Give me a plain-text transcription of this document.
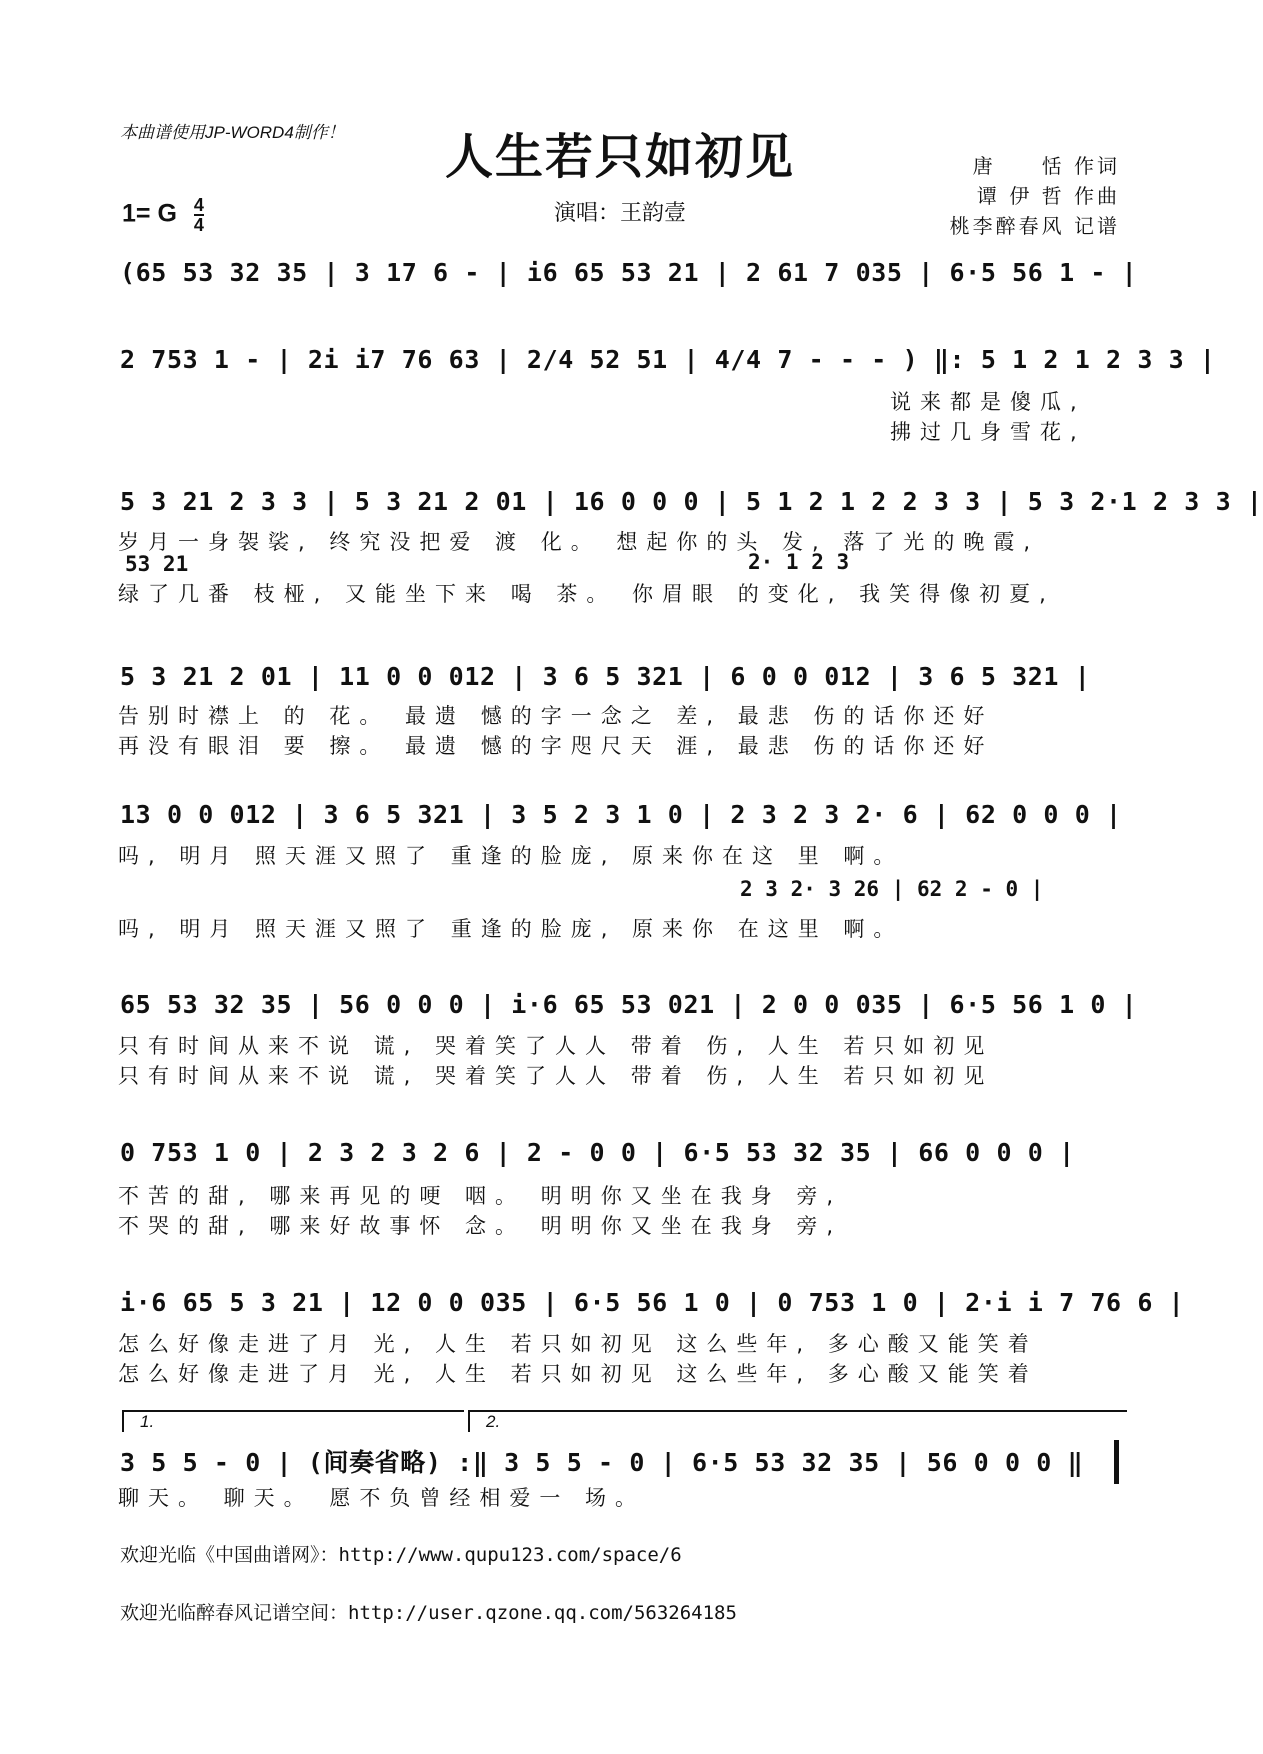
本曲谱使用JP-WORD4制作！	人生若只如初见
1= G $\frac{4}{4}$	演唱：王韵壹
唐　　恬 作词
谭 伊 哲 作曲
桃李醉春风 记谱
(65 53 32 35 | 3 17 6 - | i6 65 53 21 | 2 61 7 035 | 6·5 56 1 - |
2 753 1 - | 2i i7 76 63 | 2/4 52 51 | 4/4 7 - - - ) ‖: 5 1 2 1 2 3 3 |
说来都是傻瓜,
拂过几身雪花,
5 3 21 2 3 3 | 5 3 21 2 01 | 16 0 0 0 | 5 1 2 1 2 2 3 3 | 5 3 2·1 2 3 3 |
岁月一身袈裟, 终究没把爱 渡 化。 想起你的头 发, 落了光的晚霞,
53 21	2· 1 2 3
绿了几番 枝桠, 又能坐下来 喝 茶。 你眉眼 的变化, 我笑得像初夏,
5 3 21 2 01 | 11 0 0 012 | 3 6 5 321 | 6 0 0 012 | 3 6 5 321 |
告别时襟上 的 花。 最遗 憾的字一念之 差, 最悲 伤的话你还好
再没有眼泪 要 擦。 最遗 憾的字咫尺天 涯, 最悲 伤的话你还好
13 0 0 012 | 3 6 5 321 | 3 5 2 3 1 0 | 2 3 2 3 2· 6 | 62 0 0 0 |
吗, 明月 照天涯又照了 重逢的脸庞, 原来你在这 里 啊。
2 3 2· 3 26 | 62 2 - 0 |
吗, 明月 照天涯又照了 重逢的脸庞, 原来你 在这里 啊。
65 53 32 35 | 56 0 0 0 | i·6 65 53 021 | 2 0 0 035 | 6·5 56 1 0 |
只有时间从来不说 谎, 哭着笑了人人 带着 伤, 人生 若只如初见
只有时间从来不说 谎, 哭着笑了人人 带着 伤, 人生 若只如初见
0 753 1 0 | 2 3 2 3 2 6 | 2 - 0 0 | 6·5 53 32 35 | 66 0 0 0 |
不苦的甜, 哪来再见的哽 咽。 明明你又坐在我身 旁,
不哭的甜, 哪来好故事怀 念。 明明你又坐在我身 旁,
i·6 65 5 3 21 | 12 0 0 035 | 6·5 56 1 0 | 0 753 1 0 | 2·i i 7 76 6 |
怎么好像走进了月 光, 人生 若只如初见 这么些年, 多心酸又能笑着
怎么好像走进了月 光, 人生 若只如初见 这么些年, 多心酸又能笑着
1.	2.
3 5 5 - 0 | (间奏省略) :‖ 3 5 5 - 0 | 6·5 53 32 35 | 56 0 0 0 ‖
聊天。 聊天。 愿不负曾经相爱一 场。
欢迎光临《中国曲谱网》：http://www.qupu123.com/space/6
欢迎光临醉春风记谱空间：http://user.qzone.qq.com/563264185
